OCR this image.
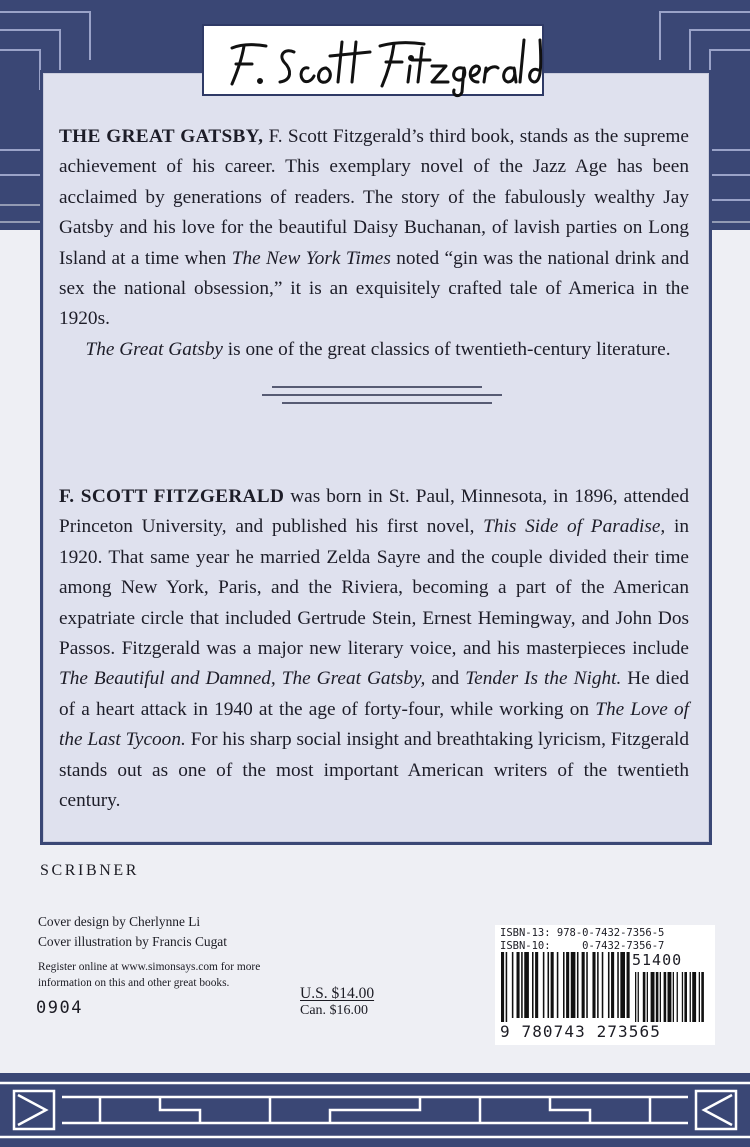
THE GREAT GATSBY, F. Scott Fitzgerald’s third book, stands as the supreme achievement of his career. This exemplary novel of the Jazz Age has been acclaimed by generations of readers. The story of the fabulously wealthy Jay Gatsby and his love for the beautiful Daisy Buchanan, of lavish parties on Long Island at a time when The New York Times noted “gin was the national drink and sex the national obsession,” it is an exquisitely crafted tale of America in the 1920s.

The Great Gatsby is one of the great classics of twentieth-century literature.

F. SCOTT FITZGERALD was born in St. Paul, Minnesota, in 1896, attended Princeton University, and published his first novel, This Side of Paradise, in 1920. That same year he married Zelda Sayre and the couple divided their time among New York, Paris, and the Riviera, becoming a part of the American expatriate circle that included Gertrude Stein, Ernest Hemingway, and John Dos Passos. Fitzgerald was a major new literary voice, and his masterpieces include The Beautiful and Damned, The Great Gatsby, and Tender Is the Night. He died of a heart attack in 1940 at the age of forty-four, while working on The Love of the Last Tycoon. For his sharp social insight and breathtaking lyricism, Fitzgerald stands out as one of the most important American writers of the twentieth century.

SCRIBNER
Cover design by Cherlynne Li
Cover illustration by Francis Cugat
Register online at www.simonsays.com for more information on this and other great books.
0904
U.S. $14.00
Can. $16.00
ISBN-13: 978-0-7432-7356-5
ISBN-10:     0-7432-7356-7
51400
9 780743 273565
